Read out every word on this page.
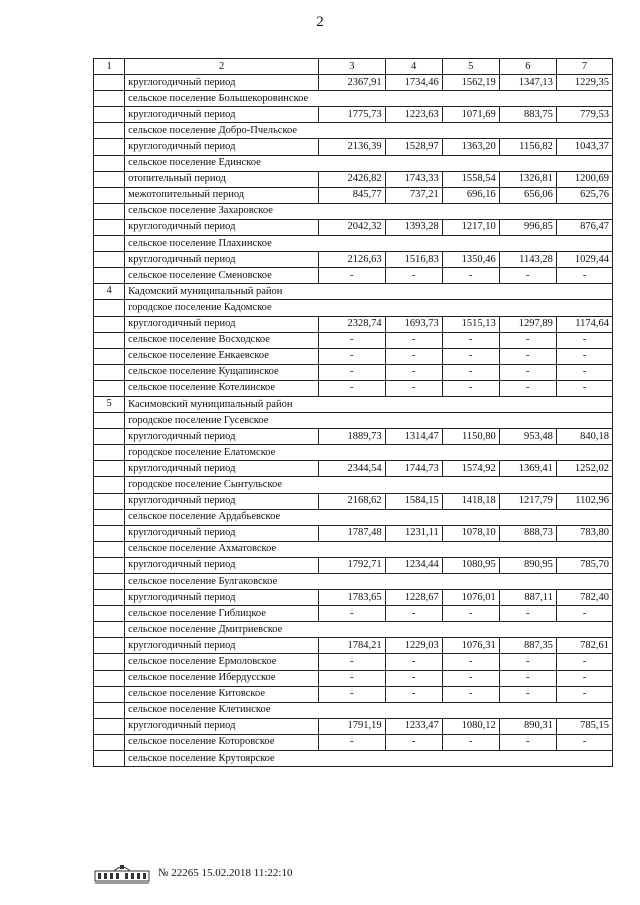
2
1	2	3	4	5	6	7
	круглогодичный период	2367,91	1734,46	1562,19	1347,13	1229,35
	сельское поселение Большекоровинское					
	круглогодичный период	1775,73	1223,63	1071,69	883,75	779,53
	сельское поселение Добро-Пчельское					
	круглогодичный период	2136,39	1528,97	1363,20	1156,82	1043,37
	сельское поселение Единское					
	отопительный период	2426,82	1743,33	1558,54	1326,81	1200,69
	межотопительный период	845,77	737,21	696,16	656,06	625,76
	сельское поселение Захаровское					
	круглогодичный период	2042,32	1393,28	1217,10	996,85	876,47
	сельское поселение Плахинское					
	круглогодичный период	2126,63	1516,83	1350,46	1143,28	1029,44
	сельское поселение Сменовское	-	-	-	-	-
4	Кадомский муниципальный район					
	городское поселение Кадомское					
	круглогодичный период	2328,74	1693,73	1515,13	1297,89	1174,64
	сельское поселение Восходское	-	-	-	-	-
	сельское поселение Енкаевское	-	-	-	-	-
	сельское поселение Кущапинское	-	-	-	-	-
	сельское поселение Котелинское	-	-	-	-	-
5	Касимовский муниципальный район					
	городское поселение Гусевское					
	круглогодичный период	1889,73	1314,47	1150,80	953,48	840,18
	городское поселение Елатомское					
	круглогодичный период	2344,54	1744,73	1574,92	1369,41	1252,02
	городское поселение Сынтульское					
	круглогодичный период	2168,62	1584,15	1418,18	1217,79	1102,96
	сельское поселение Ардабьевское					
	круглогодичный период	1787,48	1231,11	1078,10	888,73	783,80
	сельское поселение Ахматовское					
	круглогодичный период	1792,71	1234,44	1080,95	890,95	785,70
	сельское поселение Булгаковское					
	круглогодичный период	1783,65	1228,67	1076,01	887,11	782,40
	сельское поселение Гиблицкое	-	-	-	-	-
	сельское поселение Дмитриевское					
	круглогодичный период	1784,21	1229,03	1076,31	887,35	782,61
	сельское поселение Ермоловское	-	-	-	-	-
	сельское поселение Ибердусское	-	-	-	-	-
	сельское поселение Китовское	-	-	-	-	-
	сельское поселение Клетинское					
	круглогодичный период	1791,19	1233,47	1080,12	890,31	785,15
	сельское поселение Которовское	-	-	-	-	-
	сельское поселение Крутоярское					
№ 22265 15.02.2018 11:22:10
